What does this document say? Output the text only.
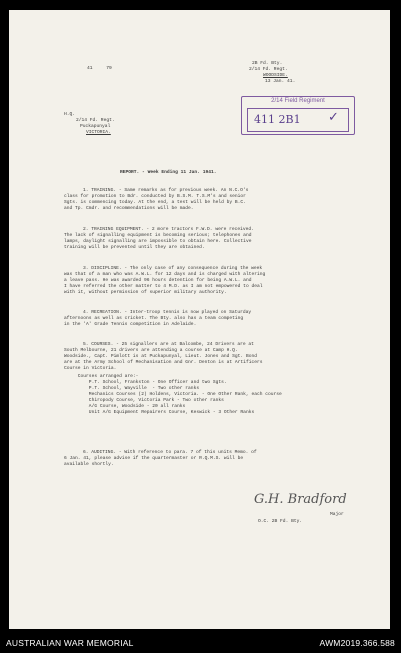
41     79
2B Fd. Bty.
2/14 Fd. Regt.
WOODSIDE.
13 Jan. 41.
2/14 Field Regiment
411 2B1 ✓
H.Q.
2/14 Fd. Regt.
Puckapunyal
VICTORIA.
REPORT. - Week Ending 11 Jan. 1941.
1. TRAINING. - Same remarks as for previous week. An N.C.O's
class for promotion to Bdr. conducted by B.S.M. T.S.M's and senior
Sgts. is commencing today. At the end, a test will be held by B.C.
and Tp. Cmdr. and recommendations will be made.
2. TRAINING EQUIPMENT. - 2 more tractors F.W.D. were received.
The lack of signalling equipment is becoming serious; telephones and
lamps, daylight signalling are impossible to obtain here. Collective
training will be prevented until they are obtained.
3. DISCIPLINE. - The only case of any consequence during the week
was that of a man who was A.W.L. for 12 days and is charged with altering
a leave pass. He was awarded 96 hours detention for being A.W.L. and
I have referred the other matter to 4 M.D. as I am not empowered to deal
with it, without permission of superior military authority.
4. RECREATION. - Inter-troop tennis is now played on Saturday
afternoons as well as cricket. The Bty. also has a team competing
in the 'A' Grade Tennis competition in Adelaide.
5. COURSES. - 25 signallers are at Balcombe, 24 Drivers are at
South Melbourne, 21 drivers are attending a course at Camp H.Q.
Woodside., Capt. Pimlott is at Puckapunyal, Lieut. Jones and Sgt. Bond
are at the Army School of Mechanisation and Gnr. Denton is at Artificers
Course in Victoria.
Courses arranged are:-
P.T. School, Frankston - One Officer and two Sgts.
P.T. School, Wayville  - Two other ranks
Mechanics Courses (2) Holdens, Victoria. - One Other Rank, each course
Chiropody Course, Victoria Park - Two other ranks
A/G Course, Woodside - 20 all ranks
Unit A/G Equipment Repairers Course, Keswick - 3 Other Ranks
6. AUDITING. - With reference to para. 7 of this units Memo. of
6 Jan. 41, please advise if the quartermaster or R.Q.M.S. will be
available shortly.
G.H. Bradford
Major
O.C. 2B Fd. Bty.
AUSTRALIAN WAR MEMORIAL	AWM2019.366.588
